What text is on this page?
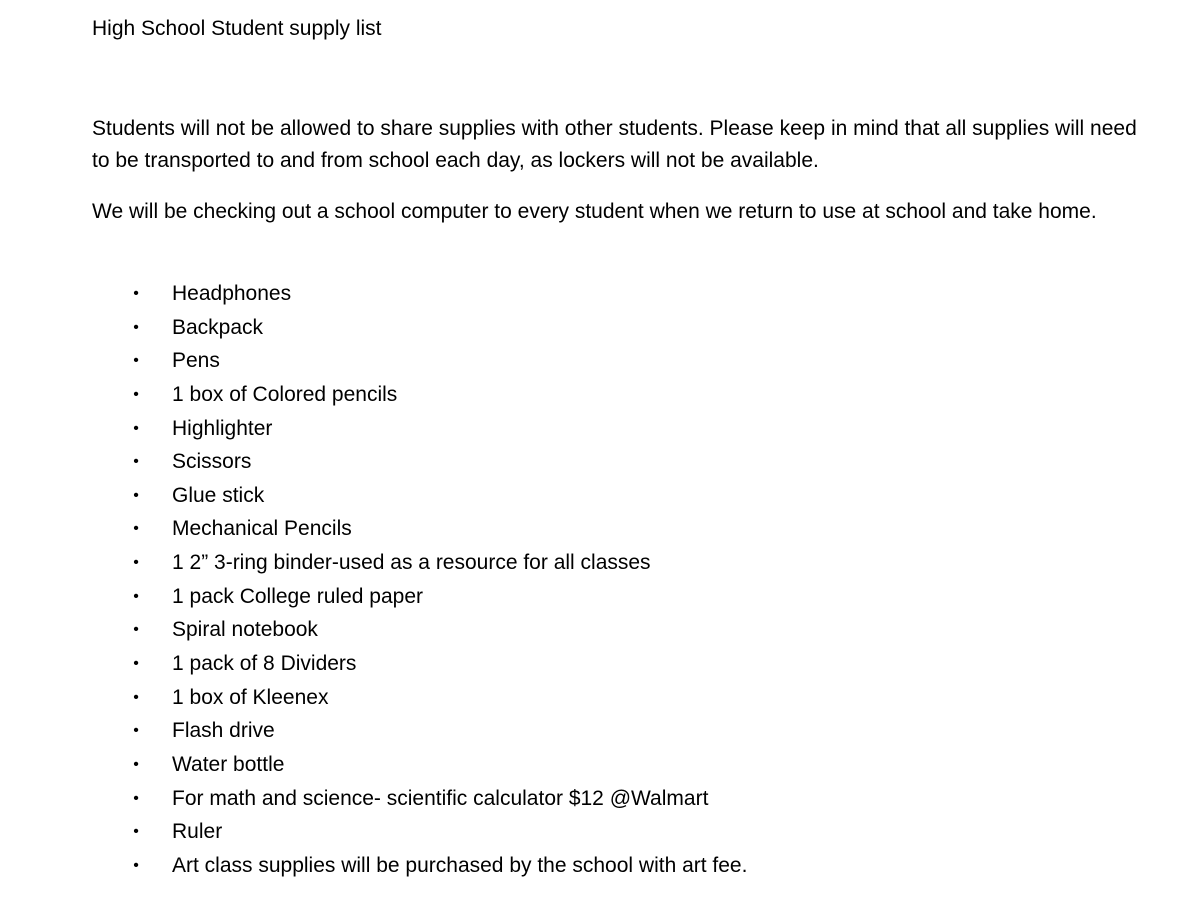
High School Student supply list

Students will not be allowed to share supplies with other students. Please keep in mind that all supplies will need to be transported to and from school each day, as lockers will not be available.

We will be checking out a school computer to every student when we return to use at school and take home.

• Headphones
• Backpack
• Pens
• 1 box of Colored pencils
• Highlighter
• Scissors
• Glue stick
• Mechanical Pencils
• 1 2” 3-ring binder-used as a resource for all classes
• 1 pack College ruled paper
• Spiral notebook
• 1 pack of 8 Dividers
• 1 box of Kleenex
• Flash drive
• Water bottle
• For math and science- scientific calculator $12 @Walmart
• Ruler
• Art class supplies will be purchased by the school with art fee.
